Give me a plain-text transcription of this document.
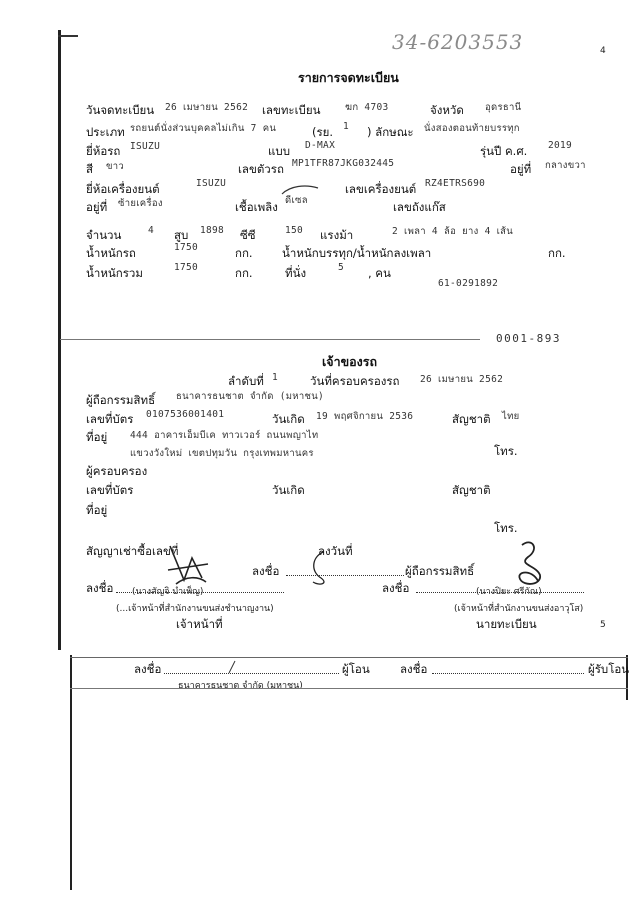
34-6203553	4
รายการจดทะเบียน
วันจดทะเบียน 26 เมษายน 2562 เลขทะเบียน	ฆก 4703	จังหวัด อุดรธานี
ประเภท รถยนต์นั่งส่วนบุคคลไม่เกิน 7 คน	(รย. 1 ) ลักษณะ นั่งสองตอนท้ายบรรทุก
ยี่ห้อรถ ISUZU	แบบ D-MAX	รุ่นปี ค.ศ. 2019
สี ขาว	เลขตัวรถ MP1TFR87JKG032445	อยู่ที่ กลางขวา
ยี่ห้อเครื่องยนต์	ISUZU	เลขเครื่องยนต์ RZ4ETRS690
อยู่ที่ ซ้ายเครื่อง	เชื้อเพลิง ดีเซล	เลขถังแก๊ส
จำนวน	4 สูบ 1898 ซีซี	150 แรงม้า	2 เพลา 4 ล้อ ยาง 4 เส้น
น้ำหนักรถ	1750	กก.	น้ำหนักบรรทุก/น้ำหนักลงเพลา	กก.
น้ำหนักรวม	1750	กก.	ที่นั่ง	5 , คน
61-0291892
0001-893
เจ้าของรถ
ลำดับที่ 1	วันที่ครอบครองรถ 26 เมษายน 2562
ผู้ถือกรรมสิทธิ์ ธนาคารธนชาต จำกัด (มหาชน)
เลขที่บัตร 0107536001401	วันเกิด 19 พฤศจิกายน 2536	สัญชาติ ไทย
ที่อยู่ 444 อาคารเอ็มบีเค ทาวเวอร์ ถนนพญาไท
แขวงวังใหม่ เขตปทุมวัน กรุงเทพมหานคร	โทร.
ผู้ครอบครอง
เลขที่บัตร	วันเกิด	สัญชาติ
ที่อยู่
โทร.
สัญญาเช่าซื้อเลขที่	ลงวันที่
ลงชื่อ	ผู้ถือกรรมสิทธิ์
ลงชื่อ (นางสัญจิ บำเพ็ญ)
(...เจ้าหน้าที่สำนักงานขนส่งชำนาญงาน)
เจ้าหน้าที่
ลงชื่อ	(นางปิยะ ศรีกัณ)
(เจ้าหน้าที่สำนักงานขนส่งอาวุโส)
นายทะเบียน	5
ลงชื่อ	ผู้โอน
ธนาคารธนชาต จำกัด (มหาชน)
ลงชื่อ	ผู้รับโอน
